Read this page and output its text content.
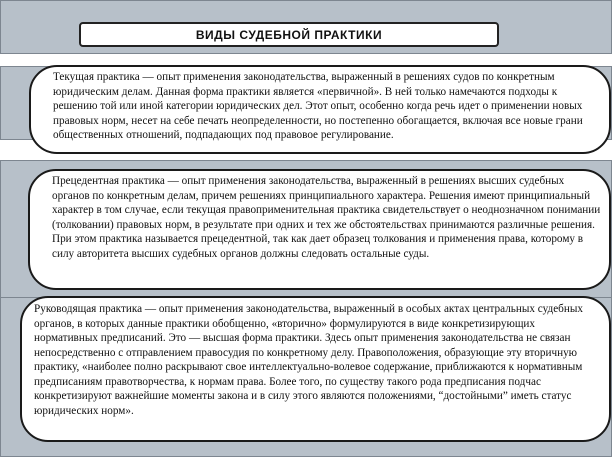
ВИДЫ СУДЕБНОЙ ПРАКТИКИ

Текущая практика — опыт применения законодательства, выраженный в решениях судов по конкретным юридическим делам. Данная форма практики является «первичной». В ней только намечаются подходы к решению той или иной категории юридических дел. Этот опыт, особенно когда речь идет о применении новых правовых норм, несет на себе печать неопределенности, но постепенно обогащается, включая все новые грани общественных отношений, подпадающих под правовое регулирование.

Прецедентная практика — опыт применения законодательства, выраженный в решениях высших судебных органов по конкретным делам, причем решениях принципиального характера. Решения имеют принципиальный характер в том случае, если текущая правоприменительная практика свидетельствует о неоднозначном понимании (толковании) правовых норм, в результате при одних и тех же обстоятельствах принимаются различные решения. При этом практика называется прецедентной, так как дает образец толкования и применения права, которому в силу авторитета высших судебных органов должны следовать остальные суды.

Руководящая практика — опыт применения законодательства, выраженный в особых актах центральных судебных органов, в которых данные практики обобщенно, «вторично» формулируются в виде конкретизирующих нормативных предписаний. Это — высшая форма практики. Здесь опыт применения законодательства не связан непосредственно с отправлением правосудия по конкретному делу. Правоположения, образующие эту вторичную практику, «наиболее полно раскрывают свое интеллектуально-волевое содержание, приближаются к нормативным предписаниям правотворчества, к нормам права. Более того, по существу такого рода предписания подчас конкретизируют важнейшие моменты закона и в силу этого являются положениями, “достойными” иметь статус юридических норм».
